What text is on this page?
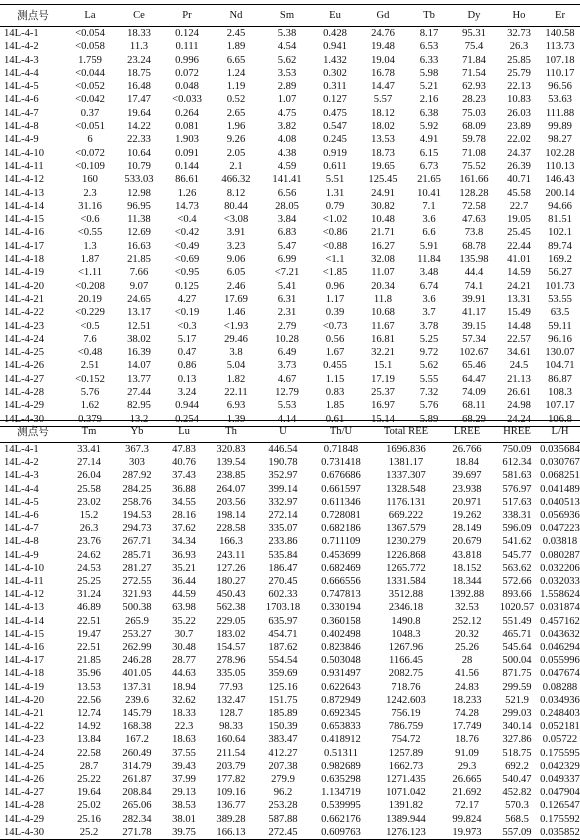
测点号	La	Ce	Pr	Nd	Sm	Eu	Gd	Tb	Dy	Ho	Er
14L-4-1	<0.054	18.33	0.124	2.45	5.38	0.428	24.76	8.17	95.31	32.73	140.58
14L-4-2	<0.058	11.3	0.111	1.89	4.54	0.941	19.48	6.53	75.4	26.3	113.73
14L-4-3	1.759	23.24	0.996	6.65	5.62	1.432	19.04	6.33	71.84	25.85	107.18
14L-4-4	<0.044	18.75	0.072	1.24	3.53	0.302	16.78	5.98	71.54	25.79	110.17
14L-4-5	<0.052	16.48	0.048	1.19	2.89	0.311	14.47	5.21	62.93	22.13	96.56
14L-4-6	<0.042	17.47	<0.033	0.52	1.07	0.127	5.57	2.16	28.23	10.83	53.63
14L-4-7	0.37	19.64	0.264	2.65	4.75	0.475	18.12	6.38	75.03	26.03	111.88
14L-4-8	<0.051	14.22	0.081	1.96	3.82	0.547	18.02	5.92	68.09	23.89	99.89
14L-4-9	6	22.33	1.903	9.26	4.08	0.245	13.53	4.91	59.78	22.02	98.27
14L-4-10	<0.072	10.64	0.091	2.05	4.38	0.919	18.73	6.15	71.08	24.37	102.28
14L-4-11	<0.109	10.79	0.144	2.1	4.59	0.611	19.65	6.73	75.52	26.39	110.13
14L-4-12	160	533.03	86.61	466.32	141.41	5.51	125.45	21.65	161.66	40.71	146.43
14L-4-13	2.3	12.98	1.26	8.12	6.56	1.31	24.91	10.41	128.28	45.58	200.14
14L-4-14	31.16	96.95	14.73	80.44	28.05	0.79	30.82	7.1	72.58	22.7	94.66
14L-4-15	<0.6	11.38	<0.4	<3.08	3.84	<1.02	10.48	3.6	47.63	19.05	81.51
14L-4-16	<0.55	12.69	<0.42	3.91	6.83	<0.86	21.71	6.6	73.8	25.45	102.1
14L-4-17	1.3	16.63	<0.49	3.23	5.47	<0.88	16.27	5.91	68.78	22.44	89.74
14L-4-18	1.87	21.85	<0.69	9.06	6.99	<1.1	32.08	11.84	135.98	41.01	169.2
14L-4-19	<1.11	7.66	<0.95	6.05	<7.21	<1.85	11.07	3.48	44.4	14.59	56.27
14L-4-20	<0.208	9.07	0.125	2.46	5.41	0.96	20.34	6.74	74.1	24.21	101.73
14L-4-21	20.19	24.65	4.27	17.69	6.31	1.17	11.8	3.6	39.91	13.31	53.55
14L-4-22	<0.229	13.17	<0.19	1.46	2.31	0.39	10.68	3.7	41.17	15.49	63.5
14L-4-23	<0.5	12.51	<0.3	<1.93	2.79	<0.73	11.67	3.78	39.15	14.48	59.11
14L-4-24	7.6	38.02	5.17	29.46	10.28	0.56	16.81	5.25	57.34	22.57	96.16
14L-4-25	<0.48	16.39	0.47	3.8	6.49	1.67	32.21	9.72	102.67	34.61	130.07
14L-4-26	2.51	14.07	0.86	5.04	3.73	0.455	15.1	5.62	65.46	24.5	104.71
14L-4-27	<0.152	13.77	0.13	1.82	4.67	1.15	17.19	5.55	64.47	21.13	86.87
14L-4-28	5.76	27.44	3.24	22.11	12.79	0.83	25.37	7.32	74.09	26.61	108.3
14L-4-29	1.62	82.95	0.944	6.93	5.53	1.85	16.97	5.76	68.11	24.98	107.17
14L-4-30	0.379	13.2	0.254	1.39	4.14	0.61	15.14	5.89	68.29	24.24	106.8
测点号	Tm	Yb	Lu	Th	U	Th/U	Total REE	LREE	HREE	L/H
14L-4-1	33.41	367.3	47.83	320.83	446.54	0.71848	1696.836	26.766	750.09	0.035684
14L-4-2	27.14	303	40.76	139.54	190.78	0.731418	1381.17	18.84	612.34	0.030767
14L-4-3	26.04	287.92	37.43	238.85	352.97	0.676686	1337.307	39.697	581.63	0.068251
14L-4-4	25.58	284.25	36.88	264.07	399.14	0.661597	1328.548	23.938	576.97	0.041489
14L-4-5	23.02	258.76	34.55	203.56	332.97	0.611346	1176.131	20.971	517.63	0.040513
14L-4-6	15.2	194.53	28.16	198.14	272.14	0.728081	669.222	19.262	338.31	0.056936
14L-4-7	26.3	294.73	37.62	228.58	335.07	0.682186	1367.579	28.149	596.09	0.047223
14L-4-8	23.76	267.71	34.34	166.3	233.86	0.711109	1230.279	20.679	541.62	0.03818
14L-4-9	24.62	285.71	36.93	243.11	535.84	0.453699	1226.868	43.818	545.77	0.080287
14L-4-10	24.53	281.27	35.21	127.26	186.47	0.682469	1265.772	18.152	563.62	0.032206
14L-4-11	25.25	272.55	36.44	180.27	270.45	0.666556	1331.584	18.344	572.66	0.032033
14L-4-12	31.24	321.93	44.59	450.43	602.33	0.747813	3512.88	1392.88	893.66	1.558624
14L-4-13	46.89	500.38	63.98	562.38	1703.18	0.330194	2346.18	32.53	1020.57	0.031874
14L-4-14	22.51	265.9	35.22	229.05	635.97	0.360158	1490.8	252.12	551.49	0.457162
14L-4-15	19.47	253.27	30.7	183.02	454.71	0.402498	1048.3	20.32	465.71	0.043632
14L-4-16	22.51	262.99	30.48	154.57	187.62	0.823846	1267.96	25.26	545.64	0.046294
14L-4-17	21.85	246.28	28.77	278.96	554.54	0.503048	1166.45	28	500.04	0.055996
14L-4-18	35.96	401.05	44.63	335.05	359.69	0.931497	2082.75	41.56	871.75	0.047674
14L-4-19	13.53	137.31	18.94	77.93	125.16	0.622643	718.76	24.83	299.59	0.08288
14L-4-20	22.56	239.6	32.62	132.47	151.75	0.872949	1242.603	18.233	521.9	0.034936
14L-4-21	12.74	145.79	18.33	128.7	185.89	0.692345	756.19	74.28	299.03	0.248403
14L-4-22	14.92	168.38	22.3	98.33	150.39	0.653833	786.759	17.749	340.14	0.052181
14L-4-23	13.84	167.2	18.63	160.64	383.47	0.418912	754.72	18.76	327.86	0.05722
14L-4-24	22.58	260.49	37.55	211.54	412.27	0.51311	1257.89	91.09	518.75	0.175595
14L-4-25	28.7	314.79	39.43	203.79	207.38	0.982689	1662.73	29.3	692.2	0.042329
14L-4-26	25.22	261.87	37.99	177.82	279.9	0.635298	1271.435	26.665	540.47	0.049337
14L-4-27	19.64	208.84	29.13	109.16	96.2	1.134719	1071.042	21.692	452.82	0.047904
14L-4-28	25.02	265.06	38.53	136.77	253.28	0.539995	1391.82	72.17	570.3	0.126547
14L-4-29	25.16	282.34	38.01	389.28	587.88	0.662176	1389.944	99.824	568.5	0.175592
14L-4-30	25.2	271.78	39.75	166.13	272.45	0.609763	1276.123	19.973	557.09	0.035852
